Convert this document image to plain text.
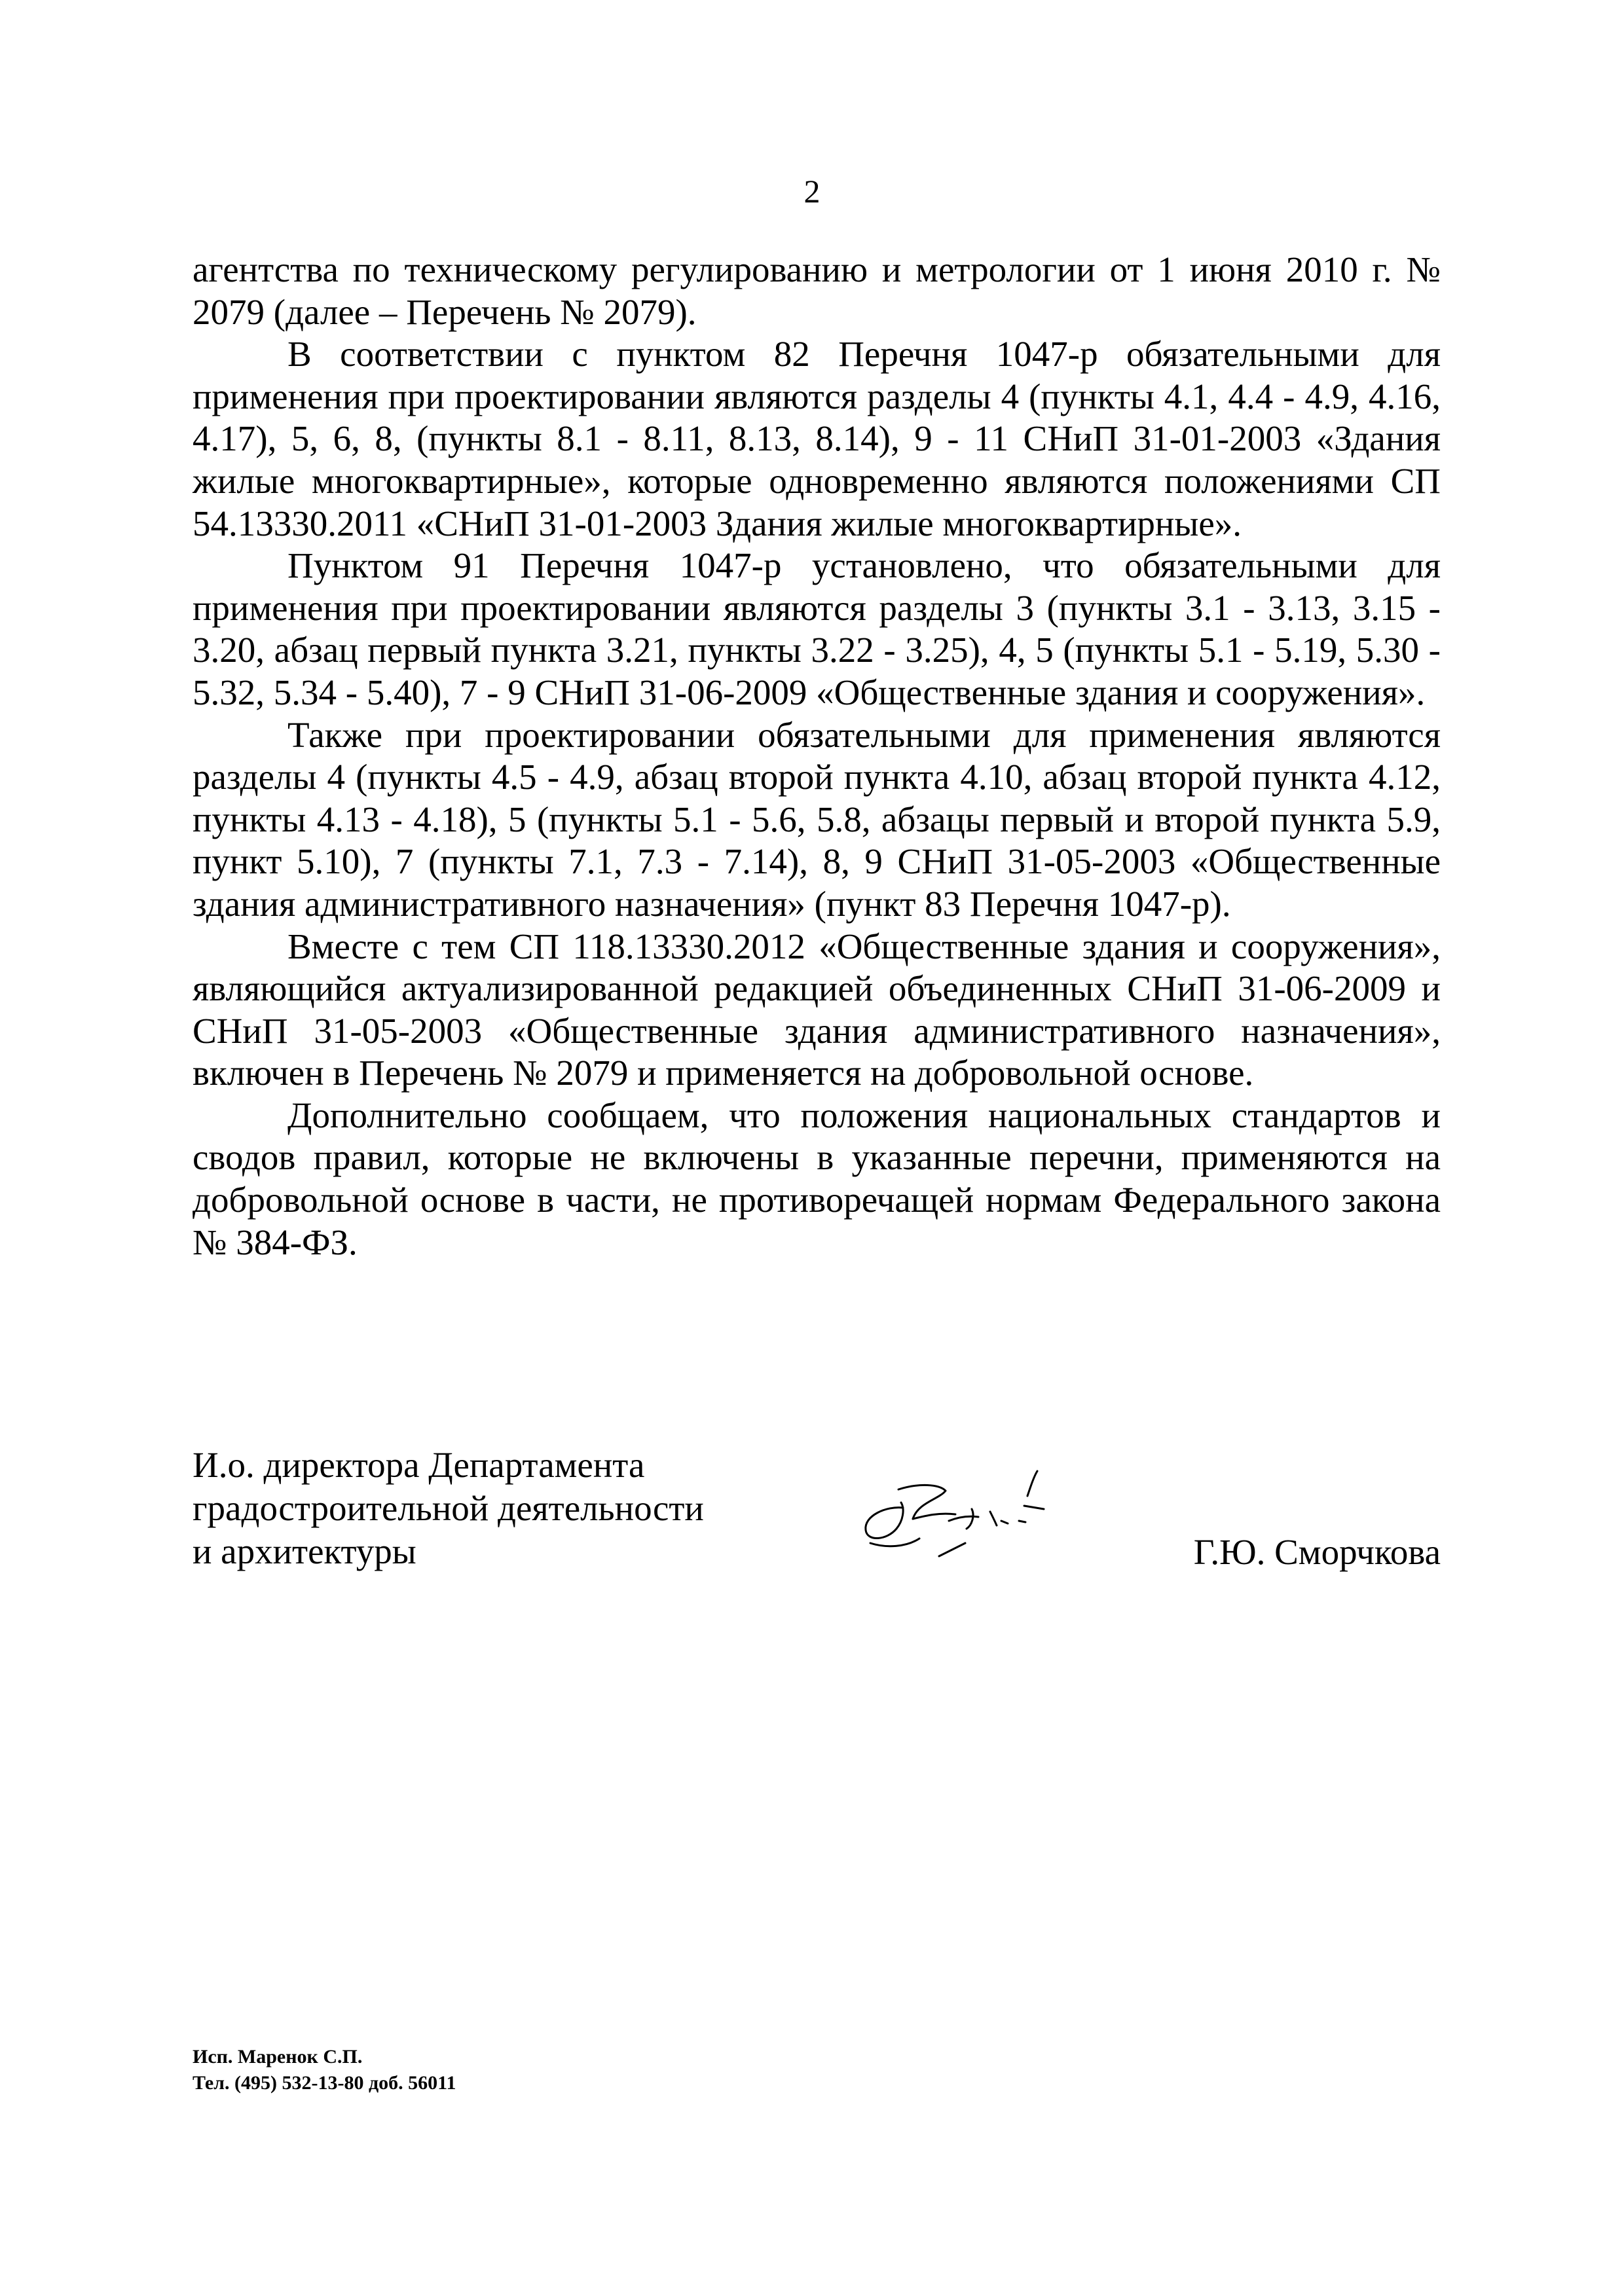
2

агентства по техническому регулированию и метрологии от 1 июня 2010 г. № 2079 (далее – Перечень № 2079).

В соответствии с пунктом 82 Перечня 1047-р обязательными для применения при проектировании являются разделы 4 (пункты 4.1, 4.4 - 4.9, 4.16, 4.17), 5, 6, 8, (пункты 8.1 - 8.11, 8.13, 8.14), 9 - 11 СНиП 31-01-2003 «Здания жилые многоквартирные», которые одновременно являются положениями СП 54.13330.2011 «СНиП 31-01-2003 Здания жилые многоквартирные».

Пунктом 91 Перечня 1047-р установлено, что обязательными для применения при проектировании являются разделы 3 (пункты 3.1 - 3.13, 3.15 - 3.20, абзац первый пункта 3.21, пункты 3.22 - 3.25), 4, 5 (пункты 5.1 - 5.19, 5.30 - 5.32, 5.34 - 5.40), 7 - 9 СНиП 31-06-2009 «Общественные здания и сооружения».

Также при проектировании обязательными для применения являются разделы 4 (пункты 4.5 - 4.9, абзац второй пункта 4.10, абзац второй пункта 4.12, пункты 4.13 - 4.18), 5 (пункты 5.1 - 5.6, 5.8, абзацы первый и второй пункта 5.9, пункт 5.10), 7 (пункты 7.1, 7.3 - 7.14), 8, 9 СНиП 31-05-2003 «Общественные здания административного назначения» (пункт 83 Перечня 1047-р).

Вместе с тем СП 118.13330.2012 «Общественные здания и сооружения», являющийся актуализированной редакцией объединенных СНиП 31-06-2009 и СНиП 31-05-2003 «Общественные здания административного назначения», включен в Перечень № 2079 и применяется на добровольной основе.

Дополнительно сообщаем, что положения национальных стандартов и сводов правил, которые не включены в указанные перечни, применяются на добровольной основе в части, не противоречащей нормам Федерального закона № 384-ФЗ.

И.о. директора Департамента
градостроительной деятельности
и архитектуры	Г.Ю. Сморчкова
Исп. Маренок С.П.
Тел. (495) 532-13-80 доб. 56011
